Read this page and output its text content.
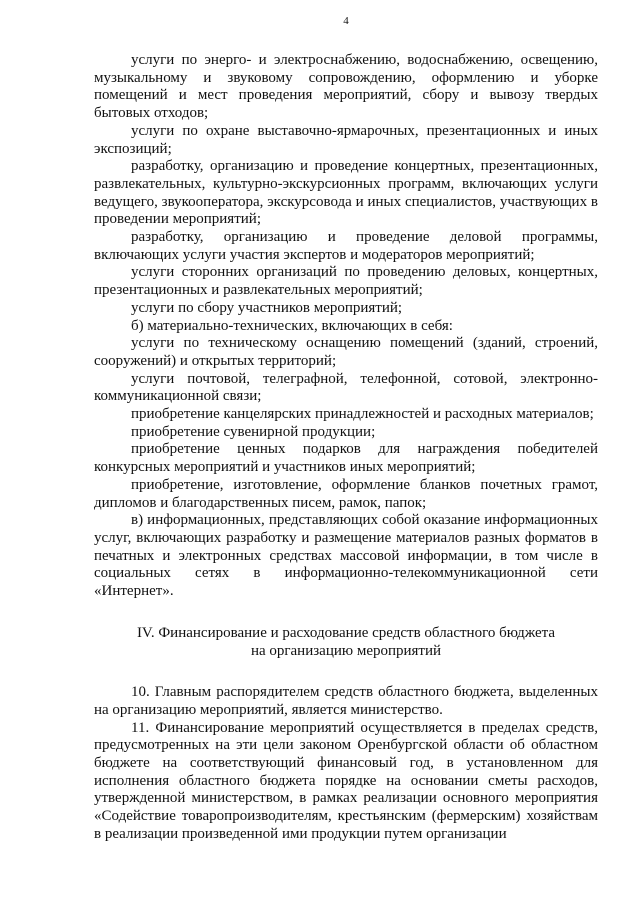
4

услуги по энерго- и электроснабжению, водоснабжению, освещению, музыкальному и звуковому сопровождению, оформлению и уборке помещений и мест проведения мероприятий, сбору и вывозу твердых бытовых отходов;

услуги по охране выставочно-ярмарочных, презентационных и иных экспозиций;

разработку, организацию и проведение концертных, презентационных, развлекательных, культурно-экскурсионных программ, включающих услуги ведущего, звукооператора, экскурсовода и иных специалистов, участвующих в проведении мероприятий;

разработку, организацию и проведение деловой программы, включающих услуги участия экспертов и модераторов мероприятий;

услуги сторонних организаций по проведению деловых, концертных, презентационных и развлекательных мероприятий;

услуги по сбору участников мероприятий;

б) материально-технических, включающих в себя:

услуги по техническому оснащению помещений (зданий, строений, сооружений) и открытых территорий;

услуги почтовой, телеграфной, телефонной, сотовой, электронно-коммуникационной связи;

приобретение канцелярских принадлежностей и расходных материалов;

приобретение сувенирной продукции;

приобретение ценных подарков для награждения победителей конкурсных мероприятий и участников иных мероприятий;

приобретение, изготовление, оформление бланков почетных грамот, дипломов и благодарственных писем, рамок, папок;

в) информационных, представляющих собой оказание информационных услуг, включающих разработку и размещение материалов разных форматов в печатных и электронных средствах массовой информации, в том числе в социальных сетях в информационно-телекоммуникационной сети «Интернет».

IV. Финансирование и расходование средств областного бюджета
на организацию мероприятий

10. Главным распорядителем средств областного бюджета, выделенных на организацию мероприятий, является министерство.

11. Финансирование мероприятий осуществляется в пределах средств, предусмотренных на эти цели законом Оренбургской области об областном бюджете на соответствующий финансовый год, в установленном для исполнения областного бюджета порядке на основании сметы расходов, утвержденной министерством, в рамках реализации основного мероприятия «Содействие товаропроизводителям, крестьянским (фермерским) хозяйствам в реализации произведенной ими продукции путем организации
